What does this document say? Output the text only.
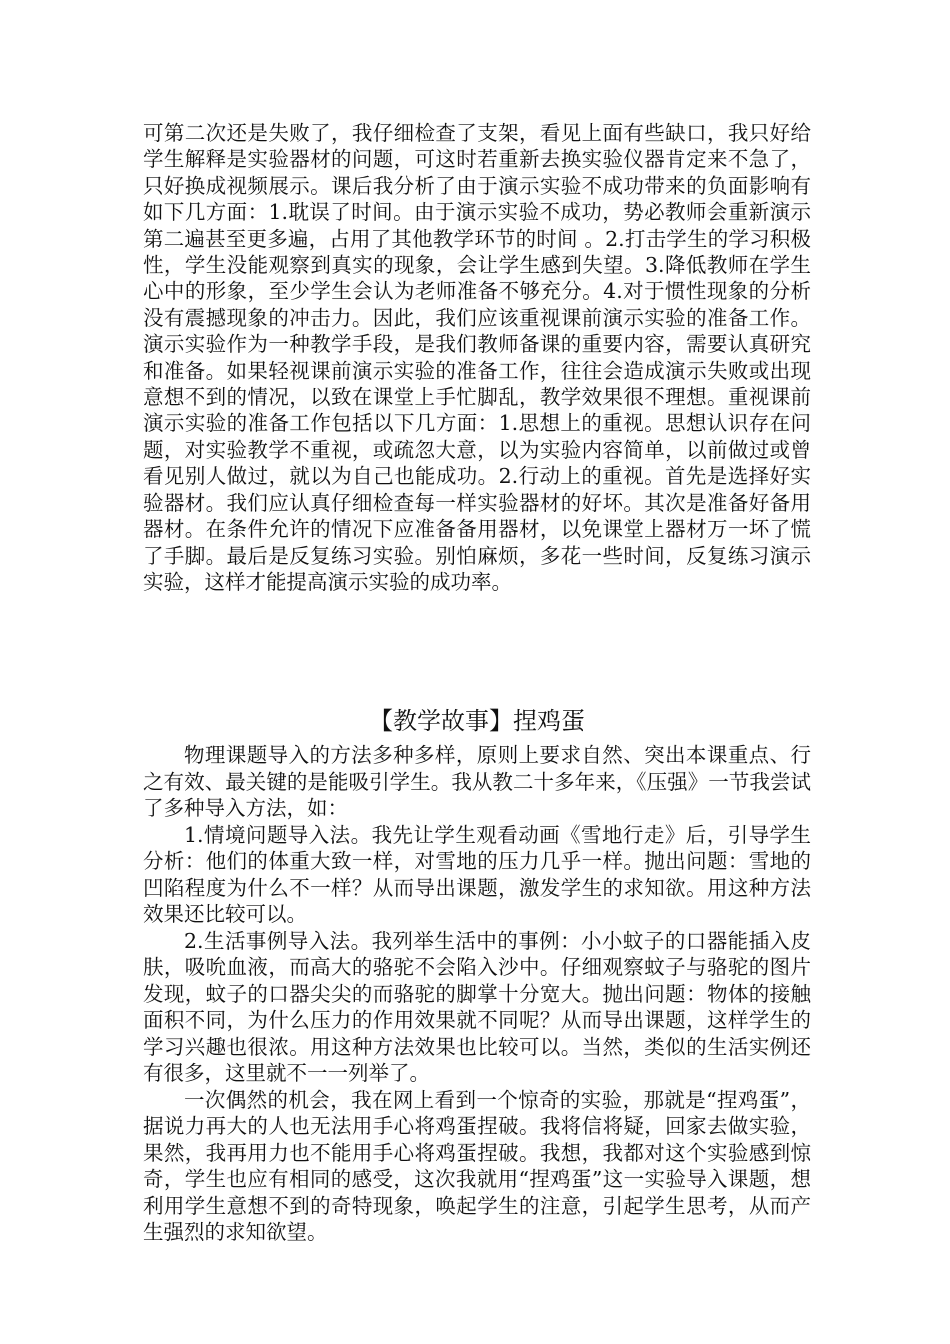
可第二次还是失败了，我仔细检查了支架，看见上面有些缺口，我只好给学生解释是实验器材的问题，可这时若重新去换实验仪器肯定来不急了，只好换成视频展示。课后我分析了由于演示实验不成功带来的负面影响有如下几方面：1.耽误了时间。由于演示实验不成功，势必教师会重新演示第二遍甚至更多遍，占用了其他教学环节的时间 。2.打击学生的学习积极性，学生没能观察到真实的现象，会让学生感到失望。3.降低教师在学生心中的形象，至少学生会认为老师准备不够充分。4.对于惯性现象的分析没有震撼现象的冲击力。因此，我们应该重视课前演示实验的准备工作。演示实验作为一种教学手段，是我们教师备课的重要内容，需要认真研究和准备。如果轻视课前演示实验的准备工作，往往会造成演示失败或出现意想不到的情况，以致在课堂上手忙脚乱，教学效果很不理想。重视课前演示实验的准备工作包括以下几方面：1.思想上的重视。思想认识存在问题，对实验教学不重视，或疏忽大意，以为实验内容简单，以前做过或曾看见别人做过，就以为自己也能成功。2.行动上的重视。首先是选择好实验器材。我们应认真仔细检查每一样实验器材的好坏。其次是准备好备用器材。在条件允许的情况下应准备备用器材，以免课堂上器材万一坏了慌了手脚。最后是反复练习实验。别怕麻烦，多花一些时间，反复练习演示实验，这样才能提高演示实验的成功率。
【教学故事】捏鸡蛋

物理课题导入的方法多种多样，原则上要求自然、突出本课重点、行之有效、最关键的是能吸引学生。我从教二十多年来，《压强》一节我尝试了多种导入方法，如：

1.情境问题导入法。我先让学生观看动画《雪地行走》后，引导学生分析：他们的体重大致一样，对雪地的压力几乎一样。抛出问题：雪地的凹陷程度为什么不一样？从而导出课题，激发学生的求知欲。用这种方法效果还比较可以。

2.生活事例导入法。我列举生活中的事例：小小蚊子的口器能插入皮肤，吸吮血液，而高大的骆驼不会陷入沙中。仔细观察蚊子与骆驼的图片发现，蚊子的口器尖尖的而骆驼的脚掌十分宽大。抛出问题：物体的接触面积不同，为什么压力的作用效果就不同呢？从而导出课题，这样学生的学习兴趣也很浓。用这种方法效果也比较可以。当然，类似的生活实例还有很多，这里就不一一列举了。

一次偶然的机会，我在网上看到一个惊奇的实验，那就是“捏鸡蛋”，据说力再大的人也无法用手心将鸡蛋捏破。我将信将疑，回家去做实验，果然，我再用力也不能用手心将鸡蛋捏破。我想，我都对这个实验感到惊奇，学生也应有相同的感受，这次我就用“捏鸡蛋”这一实验导入课题，想利用学生意想不到的奇特现象，唤起学生的注意，引起学生思考，从而产生强烈的求知欲望。
